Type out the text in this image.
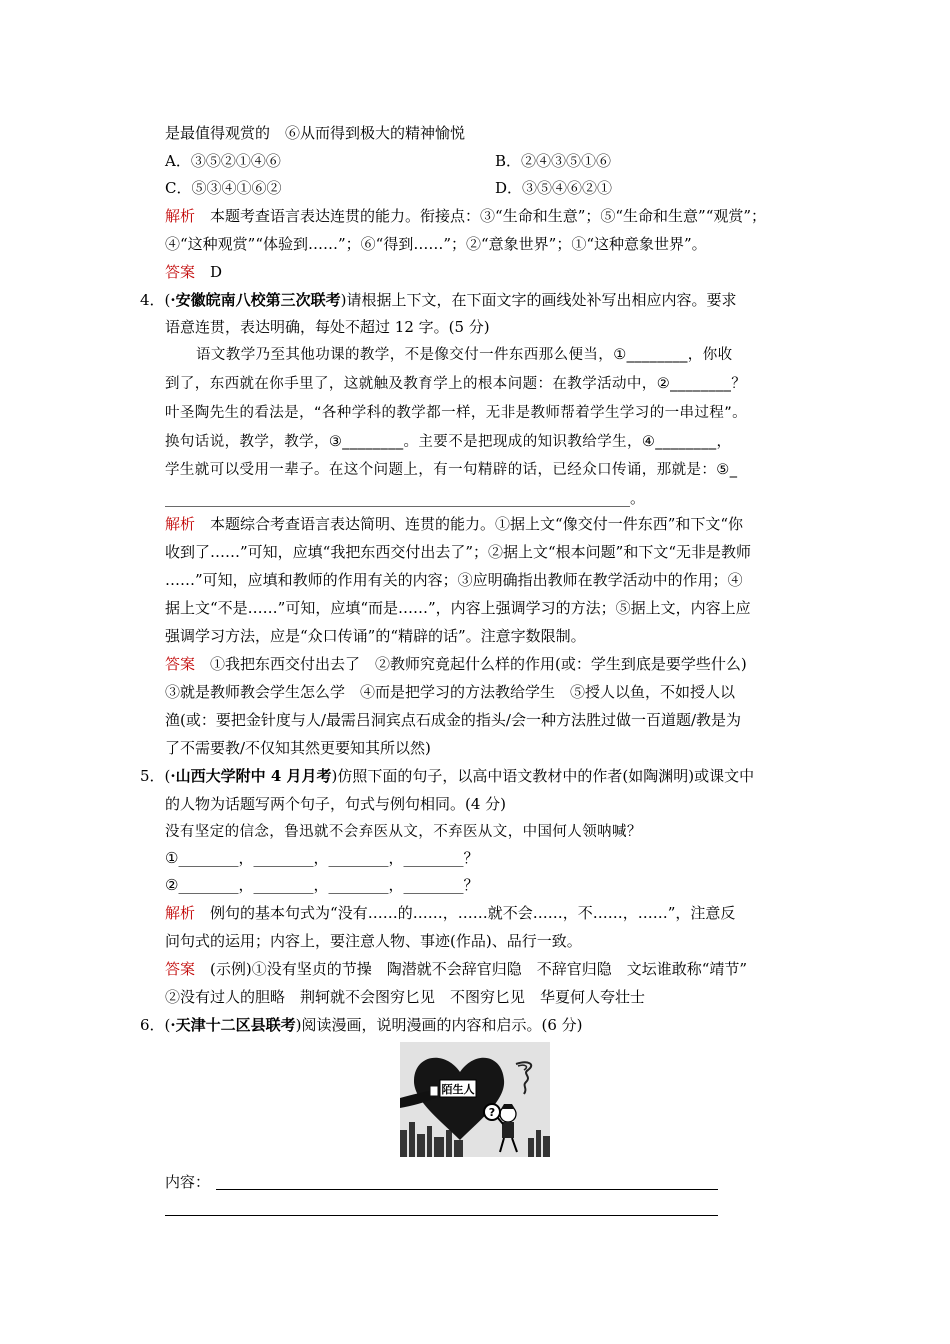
是最值得观赏的　⑥从而得到极大的精神愉悦
A．③⑤②①④⑥	B．②④③⑤①⑥
C．⑤③④①⑥②	D．③⑤④⑥②①
解析　 本题考查语言表达连贯的能力。衔接点：③“生命和生意”；⑤“生命和生意”“观赏”；
④“这种观赏”“体验到……”；⑥“得到……”；②“意象世界”；①“这种意象世界”。
答案　 D
4．(·安徽皖南八校第三次联考)请根据上下文，在下面文字的画线处补写出相应内容。要求
语意连贯，表达明确，每处不超过 12 字。(5 分)
语文教学乃至其他功课的教学，不是像交付一件东西那么便当，①________，你收
到了，东西就在你手里了，这就触及教育学上的根本问题：在教学活动中，②________？
叶圣陶先生的看法是，“各种学科的教学都一样，无非是教师帮着学生学习的一串过程”。
换句话说，教学，教学，③________。主要不是把现成的知识教给学生，④________，
学生就可以受用一辈子。在这个问题上，有一句精辟的话，已经众口传诵，那就是：⑤_
______________________________________________________________。
解析　 本题综合考查语言表达简明、连贯的能力。①据上文“像交付一件东西”和下文“你
收到了……”可知，应填“我把东西交付出去了”；②据上文“根本问题”和下文“无非是教师
……”可知，应填和教师的作用有关的内容；③应明确指出教师在教学活动中的作用；④
据上文“不是……”可知，应填“而是……”，内容上强调学习的方法；⑤据上文，内容上应
强调学习方法，应是“众口传诵”的“精辟的话”。注意字数限制。
答案　 ①我把东西交付出去了　②教师究竟起什么样的作用(或：学生到底是要学些什么)
③就是教师教会学生怎么学　④而是把学习的方法教给学生　⑤授人以鱼，不如授人以
渔(或：要把金针度与人/最需吕洞宾点石成金的指头/会一种方法胜过做一百道题/教是为
了不需要教/不仅知其然更要知其所以然)
5．(·山西大学附中 4 月月考)仿照下面的句子，以高中语文教材中的作者(如陶渊明)或课文中
的人物为话题写两个句子，句式与例句相同。(4 分)
没有坚定的信念，鲁迅就不会弃医从文，不弃医从文，中国何人领呐喊？
①________，________，________，________？
②________，________，________，________？
解析　 例句的基本句式为“没有……的……，……就不会……，不……，……”，注意反
问句式的运用；内容上，要注意人物、事迹(作品)、品行一致。
答案　 (示例)①没有坚贞的节操　陶潜就不会辞官归隐　不辞官归隐　文坛谁敢称“靖节”
②没有过人的胆略　荆轲就不会图穷匕见　不图穷匕见　华夏何人夸壮士
6．(·天津十二区县联考)阅读漫画，说明漫画的内容和启示。(6 分)
陌生人
?
内容：
